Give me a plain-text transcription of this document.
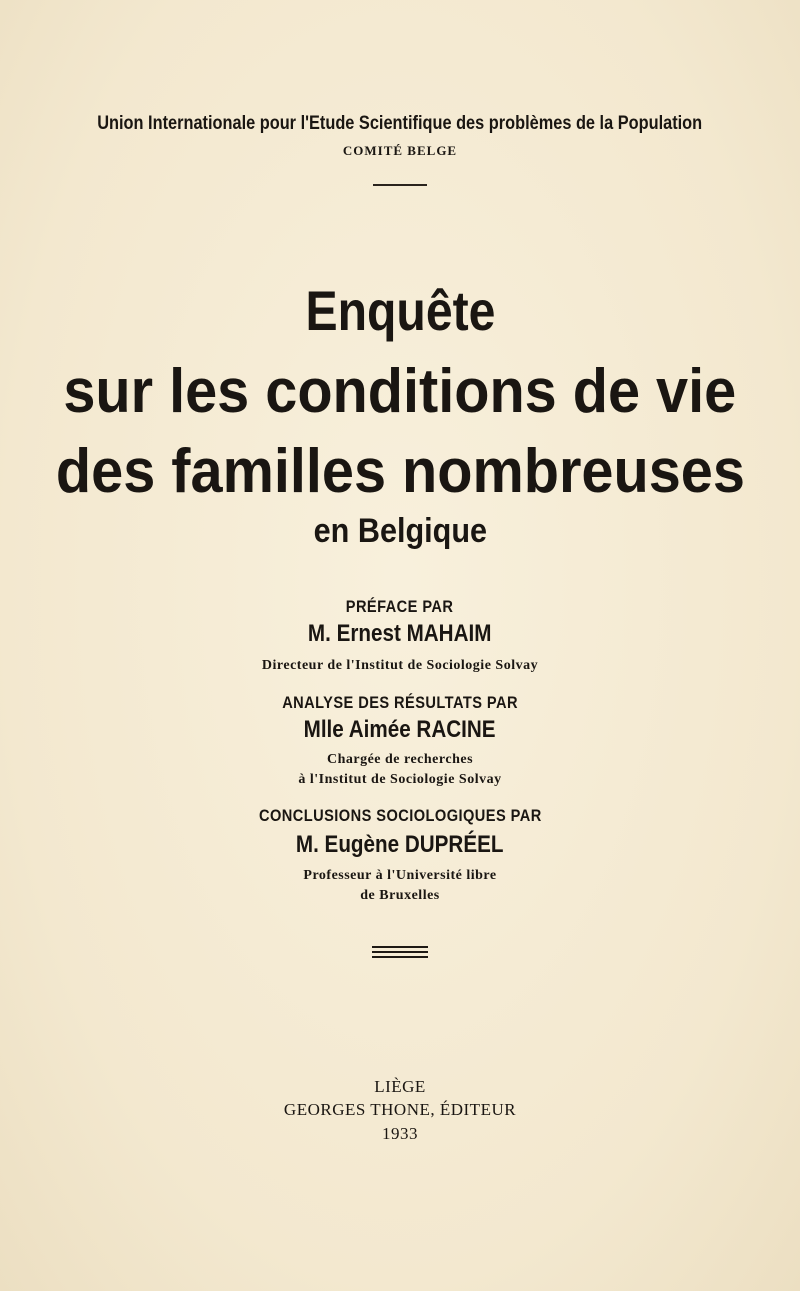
Union Internationale pour l'Etude Scientifique des problèmes de la Population
COMITÉ BELGE
Enquête
sur les conditions de vie
des familles nombreuses
en Belgique
PRÉFACE PAR
M. Ernest MAHAIM
Directeur de l'Institut de Sociologie Solvay
ANALYSE DES RÉSULTATS PAR
Mlle Aimée RACINE
Chargée de recherches
à l'Institut de Sociologie Solvay
CONCLUSIONS SOCIOLOGIQUES PAR
M. Eugène DUPRÉEL
Professeur à l'Université libre
de Bruxelles
LIÈGE
GEORGES THONE, ÉDITEUR
1933
